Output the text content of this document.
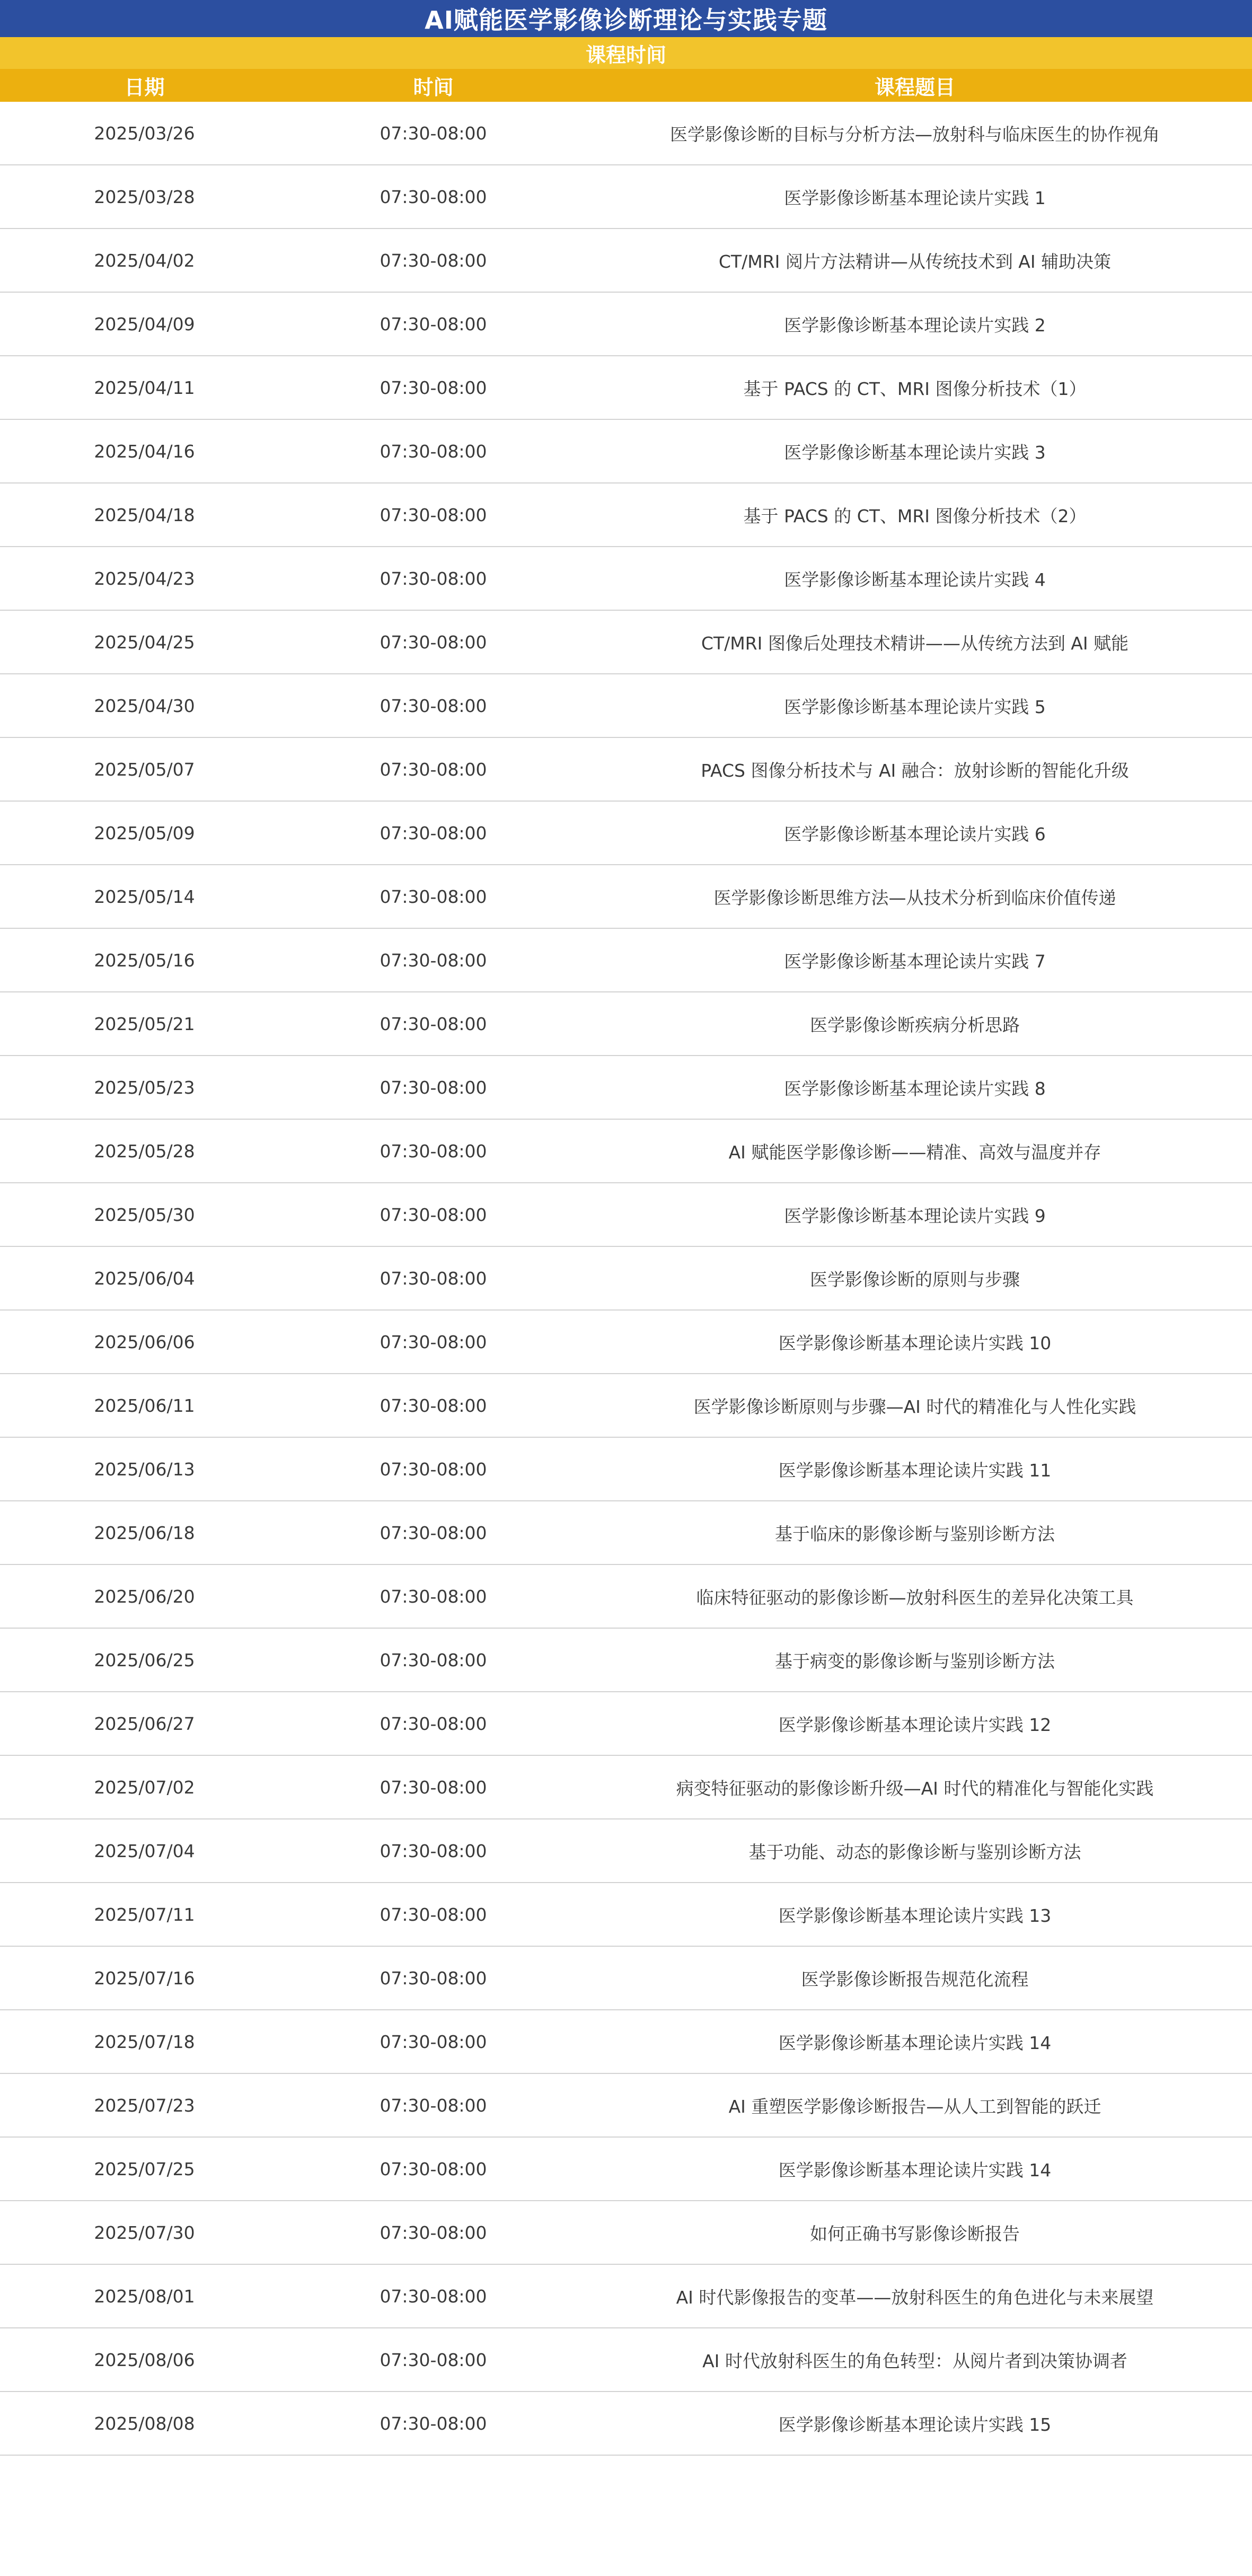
AI赋能医学影像诊断理论与实践专题
课程时间
日期	时间	课程题目
2025/03/26	07:30-08:00	医学影像诊断的目标与分析方法—放射科与临床医生的协作视角
2025/03/28	07:30-08:00	医学影像诊断基本理论读片实践 1
2025/04/02	07:30-08:00	CT/MRI 阅片方法精讲—从传统技术到 AI 辅助决策
2025/04/09	07:30-08:00	医学影像诊断基本理论读片实践 2
2025/04/11	07:30-08:00	基于 PACS 的 CT、MRI 图像分析技术（1）
2025/04/16	07:30-08:00	医学影像诊断基本理论读片实践 3
2025/04/18	07:30-08:00	基于 PACS 的 CT、MRI 图像分析技术（2）
2025/04/23	07:30-08:00	医学影像诊断基本理论读片实践 4
2025/04/25	07:30-08:00	CT/MRI 图像后处理技术精讲——从传统方法到 AI 赋能
2025/04/30	07:30-08:00	医学影像诊断基本理论读片实践 5
2025/05/07	07:30-08:00	PACS 图像分析技术与 AI 融合：放射诊断的智能化升级
2025/05/09	07:30-08:00	医学影像诊断基本理论读片实践 6
2025/05/14	07:30-08:00	医学影像诊断思维方法—从技术分析到临床价值传递
2025/05/16	07:30-08:00	医学影像诊断基本理论读片实践 7
2025/05/21	07:30-08:00	医学影像诊断疾病分析思路
2025/05/23	07:30-08:00	医学影像诊断基本理论读片实践 8
2025/05/28	07:30-08:00	AI 赋能医学影像诊断——精准、高效与温度并存
2025/05/30	07:30-08:00	医学影像诊断基本理论读片实践 9
2025/06/04	07:30-08:00	医学影像诊断的原则与步骤
2025/06/06	07:30-08:00	医学影像诊断基本理论读片实践 10
2025/06/11	07:30-08:00	医学影像诊断原则与步骤—AI 时代的精准化与人性化实践
2025/06/13	07:30-08:00	医学影像诊断基本理论读片实践 11
2025/06/18	07:30-08:00	基于临床的影像诊断与鉴别诊断方法
2025/06/20	07:30-08:00	临床特征驱动的影像诊断—放射科医生的差异化决策工具
2025/06/25	07:30-08:00	基于病变的影像诊断与鉴别诊断方法
2025/06/27	07:30-08:00	医学影像诊断基本理论读片实践 12
2025/07/02	07:30-08:00	病变特征驱动的影像诊断升级—AI 时代的精准化与智能化实践
2025/07/04	07:30-08:00	基于功能、动态的影像诊断与鉴别诊断方法
2025/07/11	07:30-08:00	医学影像诊断基本理论读片实践 13
2025/07/16	07:30-08:00	医学影像诊断报告规范化流程
2025/07/18	07:30-08:00	医学影像诊断基本理论读片实践 14
2025/07/23	07:30-08:00	AI 重塑医学影像诊断报告—从人工到智能的跃迁
2025/07/25	07:30-08:00	医学影像诊断基本理论读片实践 14
2025/07/30	07:30-08:00	如何正确书写影像诊断报告
2025/08/01	07:30-08:00	AI 时代影像报告的变革——放射科医生的角色进化与未来展望
2025/08/06	07:30-08:00	AI 时代放射科医生的角色转型：从阅片者到决策协调者
2025/08/08	07:30-08:00	医学影像诊断基本理论读片实践 15
